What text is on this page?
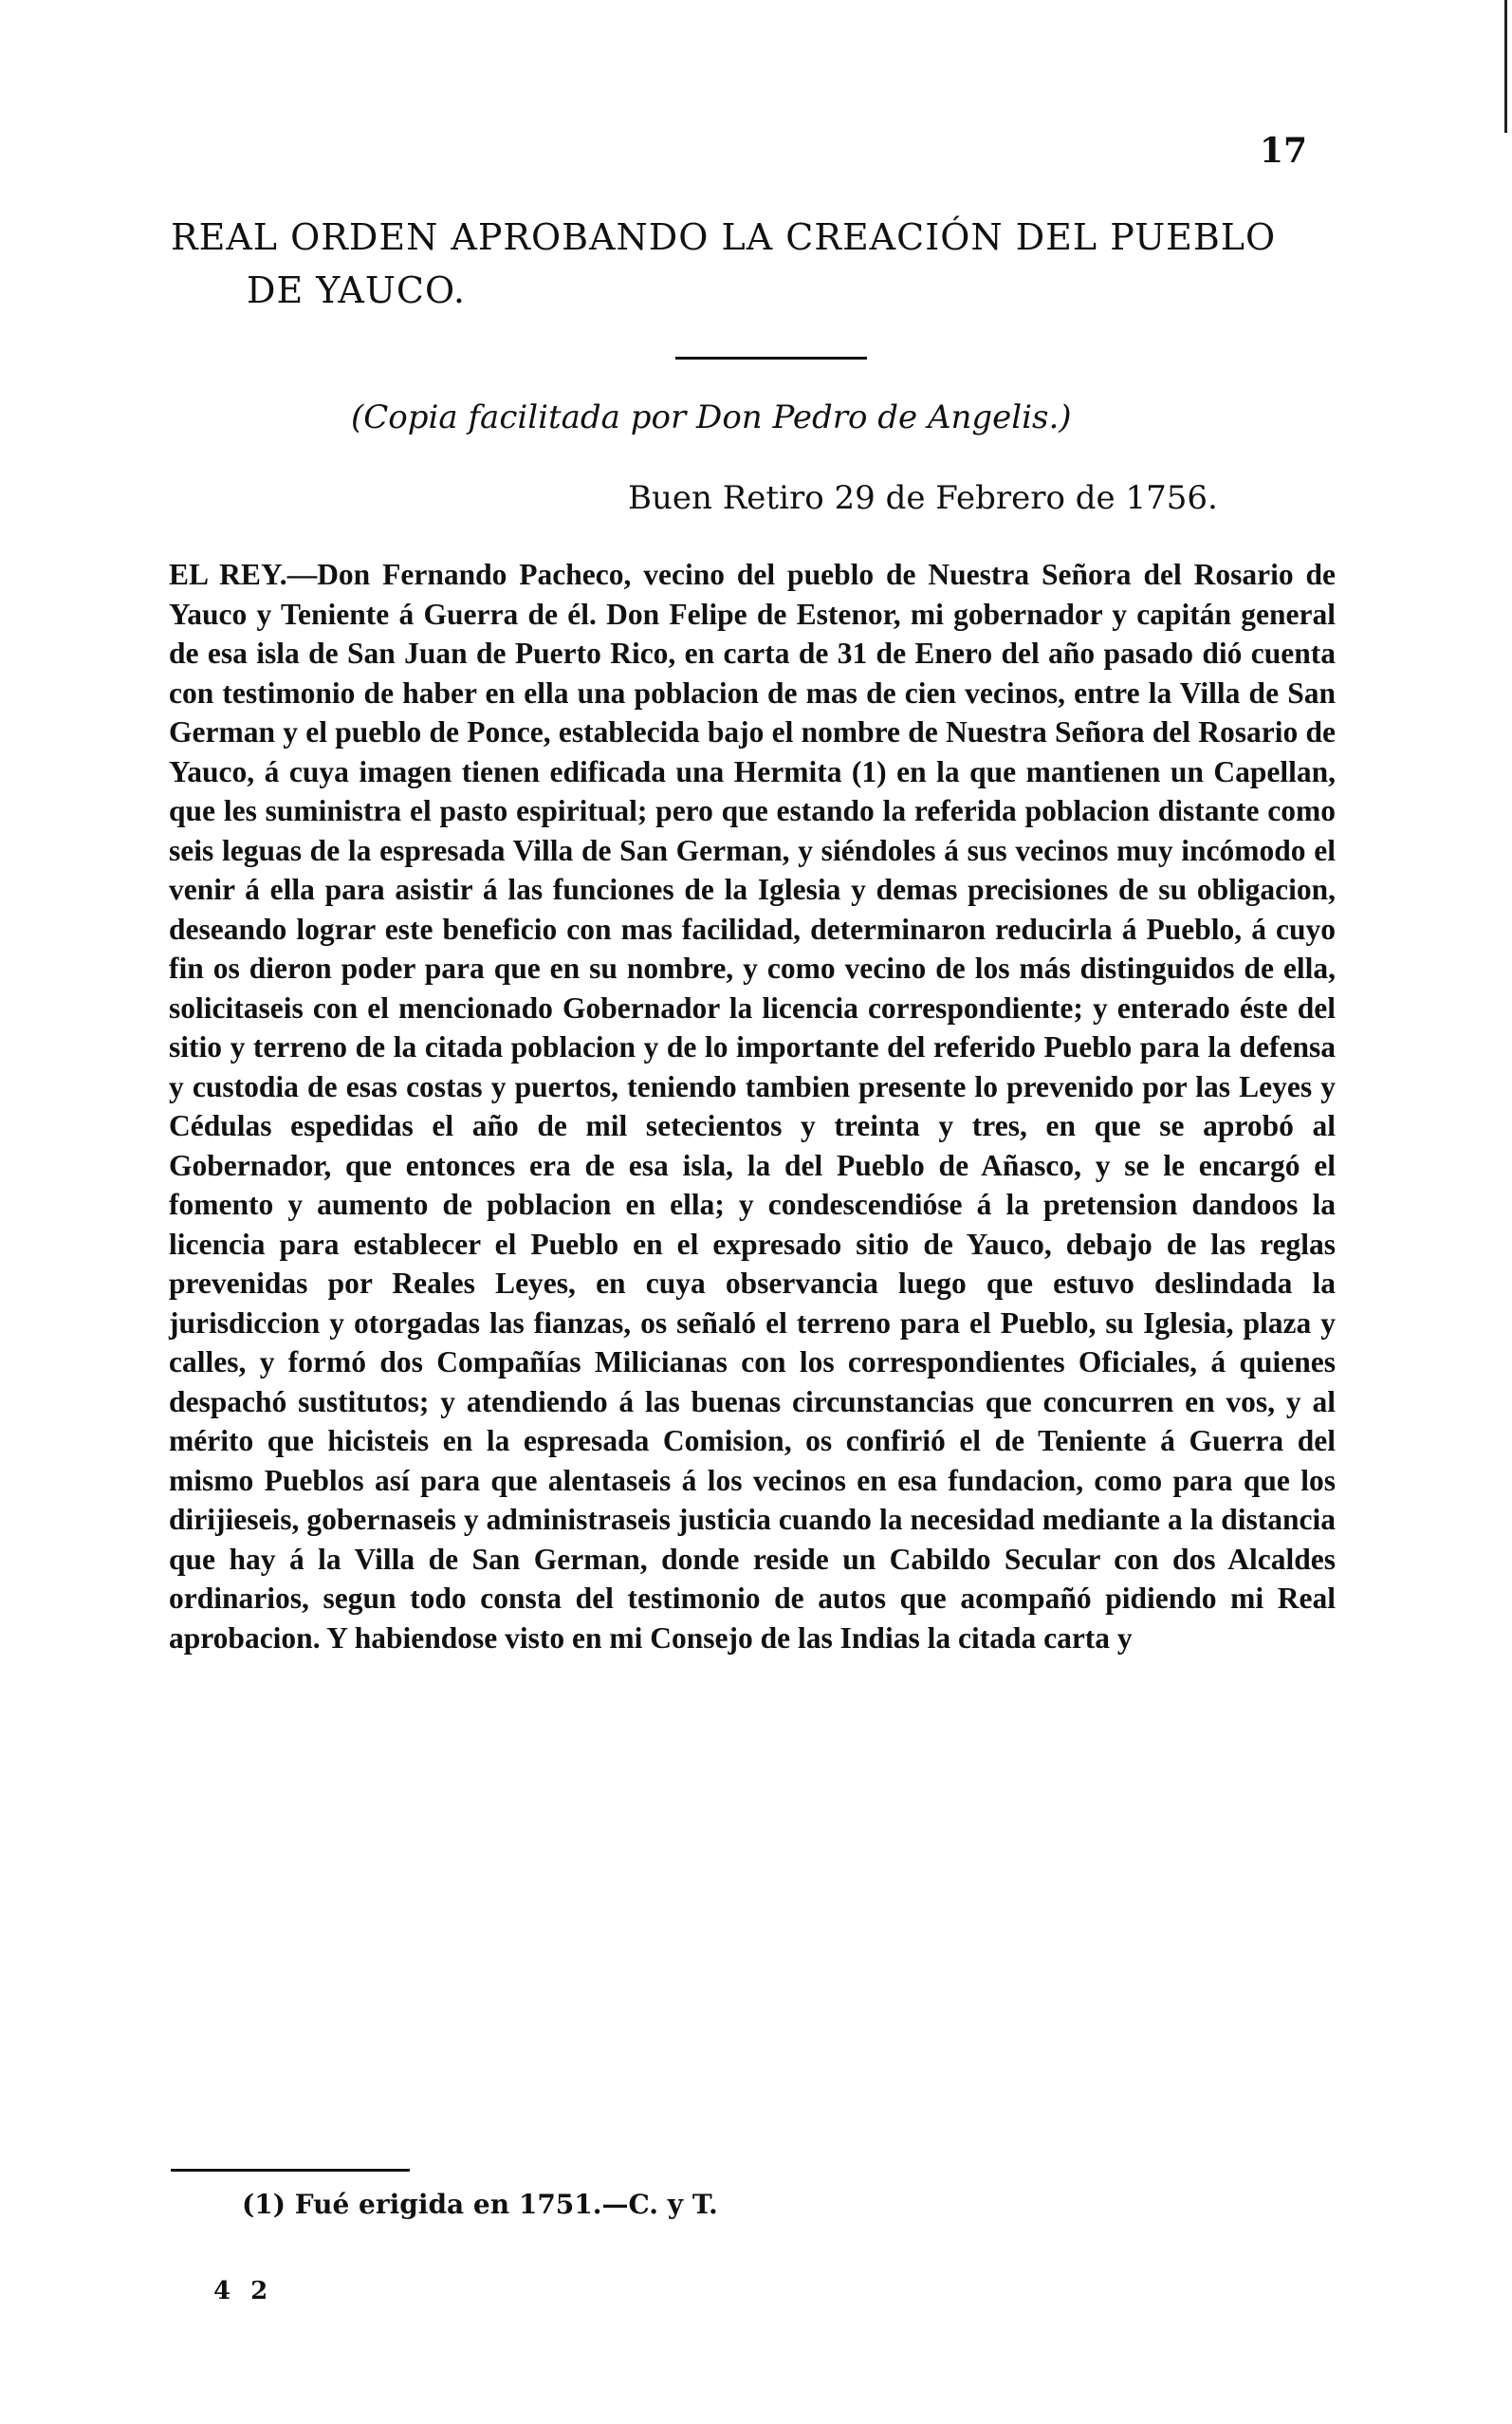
17
REAL ORDEN APROBANDO LA CREACIÓN DEL PUEBLO
DE YAUCO.
(Copia facilitada por Don Pedro de Angelis.)
Buen Retiro 29 de Febrero de 1756.

EL REY.—Don Fernando Pacheco, vecino del pueblo de Nuestra Señora del Rosario de Yauco y Teniente á Guerra de él. Don Felipe de Estenor, mi gobernador y capitán general de esa isla de San Juan de Puerto Rico, en carta de 31 de Enero del año pasado dió cuenta con testimonio de haber en ella una poblacion de mas de cien vecinos, entre la Villa de San German y el pueblo de Ponce, establecida bajo el nombre de Nuestra Señora del Rosario de Yauco, á cuya imagen tienen edificada una Hermita (1) en la que mantienen un Capellan, que les suministra el pasto espiritual; pero que estando la referida poblacion distante como seis leguas de la espresada Villa de San German, y siéndoles á sus vecinos muy incómodo el venir á ella para asistir á las funciones de la Iglesia y demas precisiones de su obligacion, deseando lograr este beneficio con mas facilidad, determinaron reducirla á Pueblo, á cuyo fin os dieron poder para que en su nombre, y como vecino de los más distinguidos de ella, solicitaseis con el mencionado Gobernador la licencia correspondiente; y enterado éste del sitio y terreno de la citada poblacion y de lo importante del referido Pueblo para la defensa y custodia de esas costas y puertos, teniendo tambien presente lo prevenido por las Leyes y Cédulas espedidas el año de mil setecientos y treinta y tres, en que se aprobó al Gobernador, que entonces era de esa isla, la del Pueblo de Añasco, y se le encargó el fomento y aumento de poblacion en ella; y condescendióse á la pretension dandoos la licencia para establecer el Pueblo en el expresado sitio de Yauco, debajo de las reglas prevenidas por Reales Leyes, en cuya observancia luego que estuvo deslindada la jurisdiccion y otorgadas las fianzas, os señaló el terreno para el Pueblo, su Iglesia, plaza y calles, y formó dos Compañías Milicianas con los correspondientes Oficiales, á quienes despachó sustitutos; y atendiendo á las buenas circunstancias que concurren en vos, y al mérito que hicisteis en la espresada Comision, os confirió el de Teniente á Guerra del mismo Pueblos así para que alentaseis á los vecinos en esa fundacion, como para que los dirijieseis, gobernaseis y administraseis justicia cuando la necesidad mediante a la distancia que hay á la Villa de San German, donde reside un Cabildo Secular con dos Alcaldes ordinarios, segun todo consta del testimonio de autos que acompañó pidiendo mi Real aprobacion. Y habiendose visto en mi Consejo de las Indias la citada carta y

(1) Fué erigida en 1751.—C. y T.
4 2
